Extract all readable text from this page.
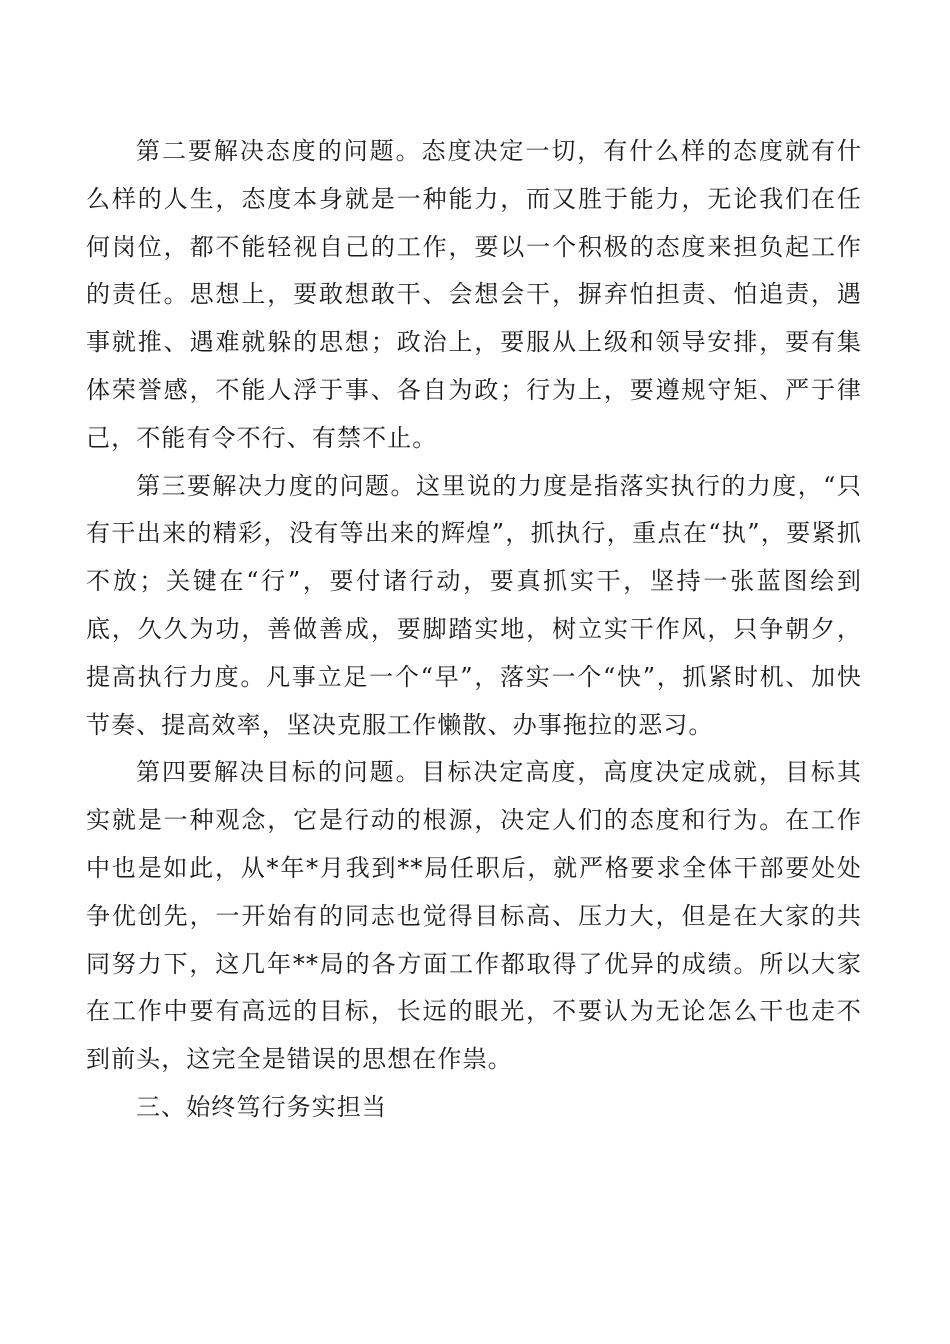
第二要解决态度的问题。态度决定一切，有什么样的态度就有什么样的人生，态度本身就是一种能力，而又胜于能力，无论我们在任何岗位，都不能轻视自己的工作，要以一个积极的态度来担负起工作的责任。思想上，要敢想敢干、会想会干，摒弃怕担责、怕追责，遇事就推、遇难就躲的思想；政治上，要服从上级和领导安排，要有集体荣誉感，不能人浮于事、各自为政；行为上，要遵规守矩、严于律己，不能有令不行、有禁不止。

第三要解决力度的问题。这里说的力度是指落实执行的力度，“只有干出来的精彩，没有等出来的辉煌”，抓执行，重点在“执”，要紧抓不放；关键在“行”，要付诸行动，要真抓实干，坚持一张蓝图绘到底，久久为功，善做善成，要脚踏实地，树立实干作风，只争朝夕，提高执行力度。凡事立足一个“早”，落实一个“快”，抓紧时机、加快节奏、提高效率，坚决克服工作懒散、办事拖拉的恶习。

第四要解决目标的问题。目标决定高度，高度决定成就，目标其实就是一种观念，它是行动的根源，决定人们的态度和行为。在工作中也是如此，从*年*月我到**局任职后，就严格要求全体干部要处处争优创先，一开始有的同志也觉得目标高、压力大，但是在大家的共同努力下，这几年**局的各方面工作都取得了优异的成绩。所以大家在工作中要有高远的目标，长远的眼光，不要认为无论怎么干也走不到前头，这完全是错误的思想在作祟。

三、始终笃行务实担当
